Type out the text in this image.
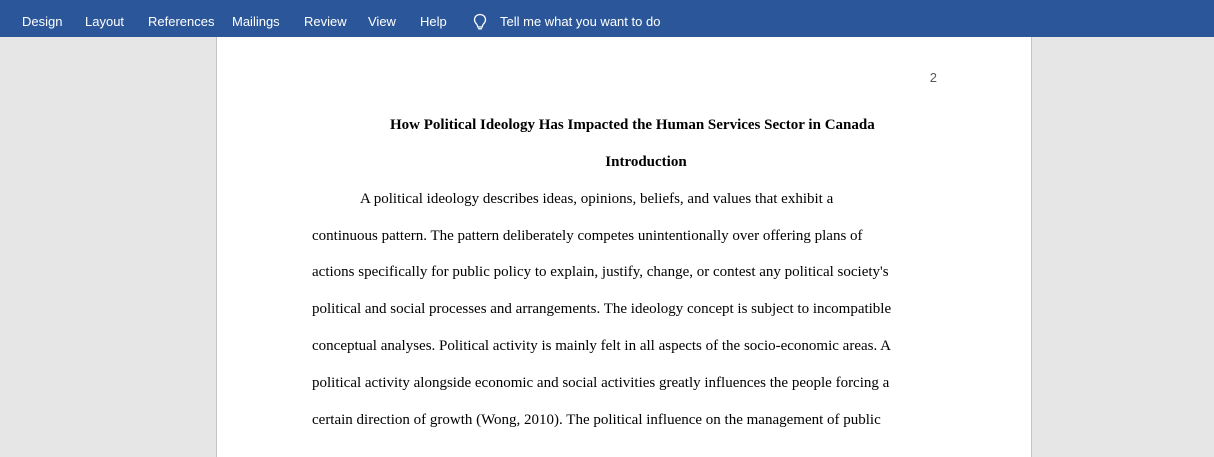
Design Layout References Mailings Review View Help	Tell me what you want to do
2
How Political Ideology Has Impacted the Human Services Sector in Canada
Introduction
A political ideology describes ideas, opinions, beliefs, and values that exhibit a
continuous pattern. The pattern deliberately competes unintentionally over offering plans of
actions specifically for public policy to explain, justify, change, or contest any political society's
political and social processes and arrangements. The ideology concept is subject to incompatible
conceptual analyses. Political activity is mainly felt in all aspects of the socio-economic areas. A
political activity alongside economic and social activities greatly influences the people forcing a
certain direction of growth (Wong, 2010). The political influence on the management of public
